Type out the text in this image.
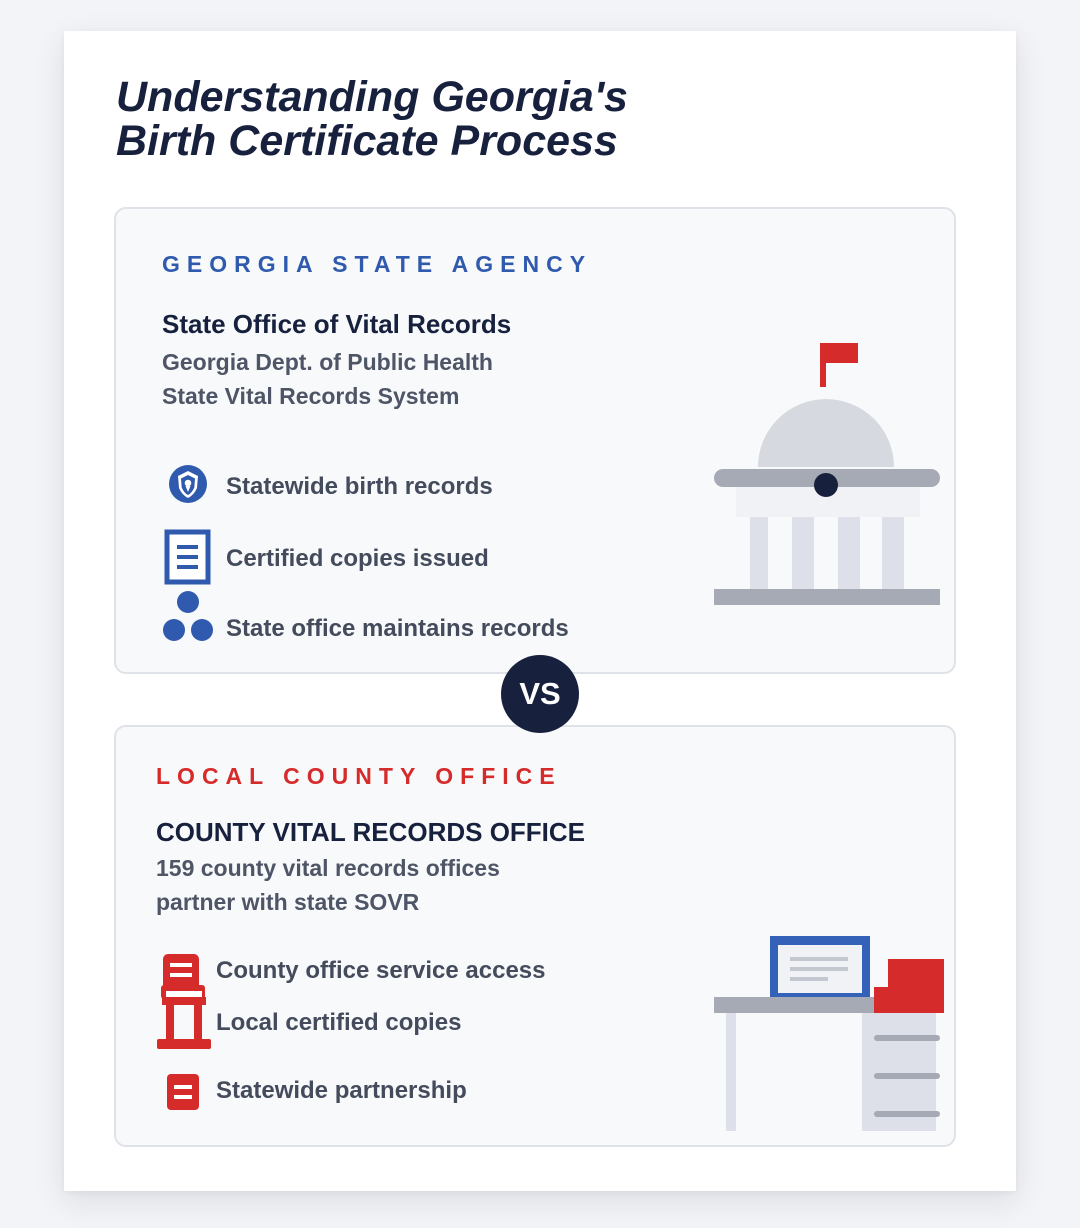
Understanding Georgia's
Birth Certificate Process

GEORGIA STATE AGENCY

State Office of Vital Records

Georgia Dept. of Public Health
State Vital Records System

Statewide birth records
Certified copies issued
State office maintains records
VS

LOCAL COUNTY OFFICE

COUNTY VITAL RECORDS OFFICE

159 county vital records offices
partner with state SOVR

County office service access
Local certified copies
Statewide partnership
